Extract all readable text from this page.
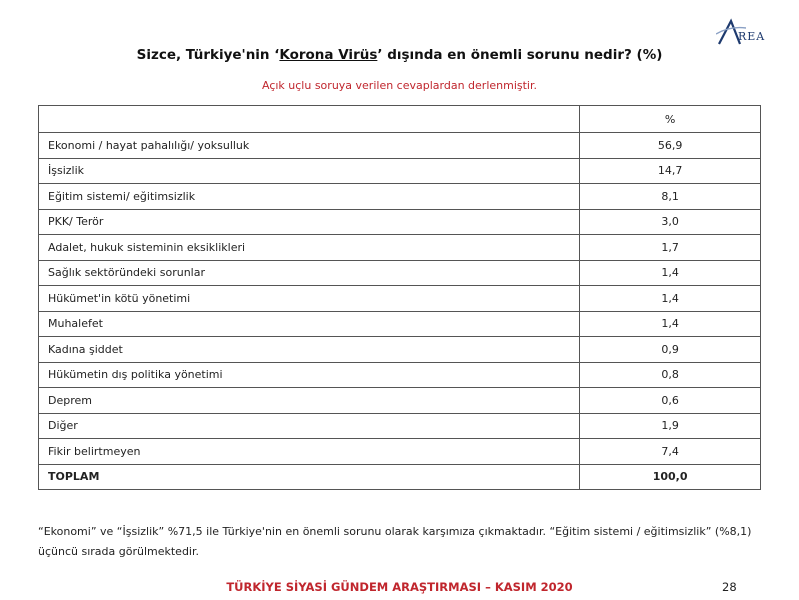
REA
Sizce, Türkiye'nin ‘Korona Virüs’ dışında en önemli sorunu nedir? (%)
Açık uçlu soruya verilen cevaplardan derlenmiştir.
	%
Ekonomi / hayat pahalılığı/ yoksulluk	56,9
İşsizlik	14,7
Eğitim sistemi/ eğitimsizlik	8,1
PKK/ Terör	3,0
Adalet, hukuk sisteminin eksiklikleri	1,7
Sağlık sektöründeki sorunlar	1,4
Hükümet'in kötü yönetimi	1,4
Muhalefet	1,4
Kadına şiddet	0,9
Hükümetin dış politika yönetimi	0,8
Deprem	0,6
Diğer	1,9
Fikir belirtmeyen	7,4
TOPLAM	100,0
“Ekonomi” ve “İşsizlik” %71,5 ile Türkiye'nin en önemli sorunu olarak karşımıza çıkmaktadır. “Eğitim sistemi / eğitimsizlik” (%8,1) üçüncü sırada görülmektedir.
TÜRKİYE SİYASİ GÜNDEM ARAŞTIRMASI – KASIM 2020	28
